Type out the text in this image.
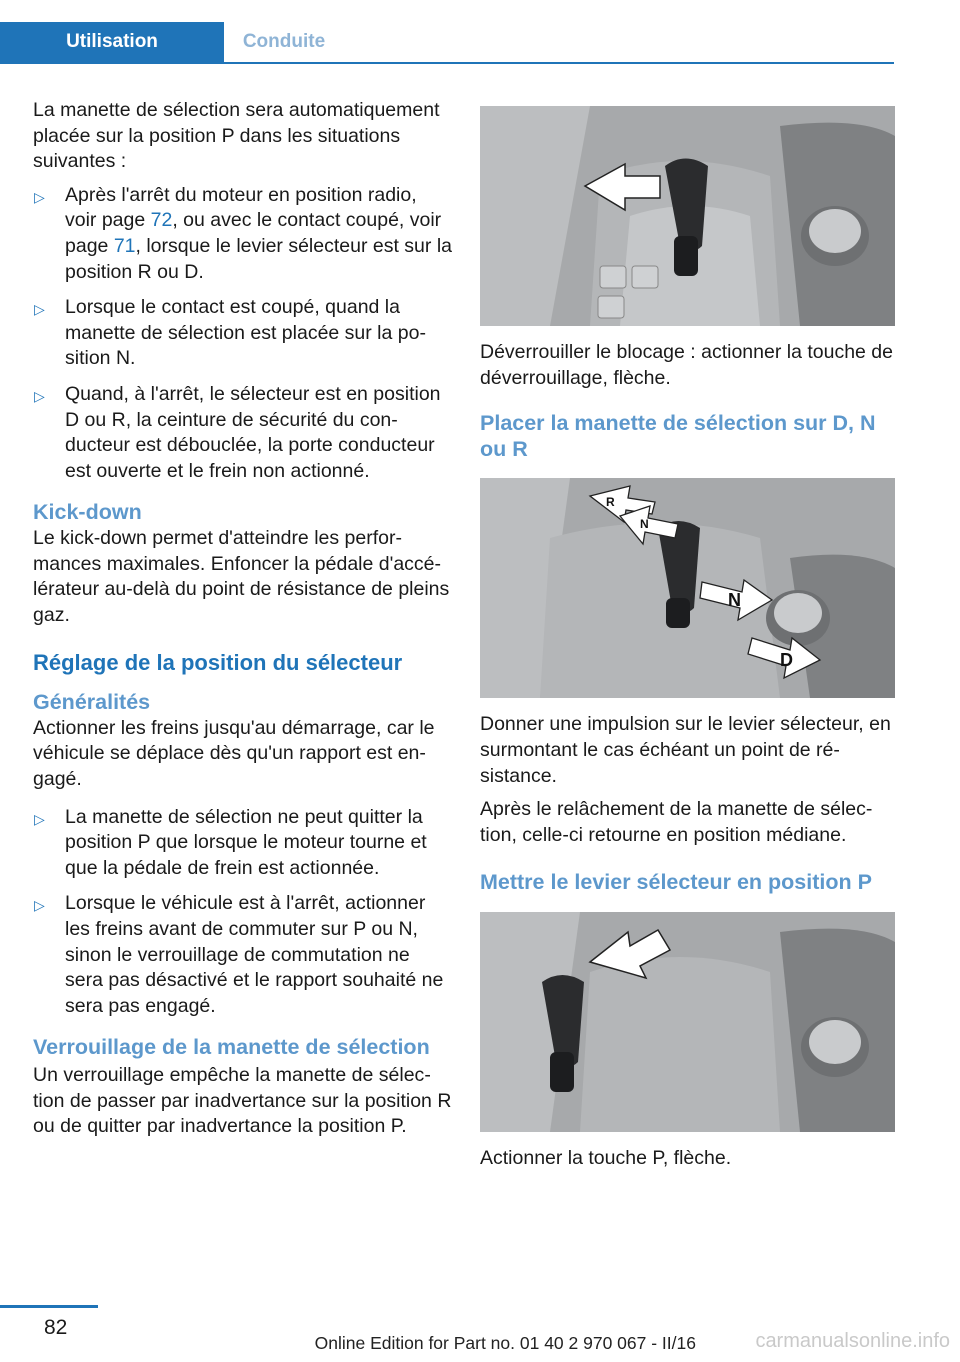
Utilisation	Conduite

La manette de sélection sera automatiquement placée sur la position P dans les situations suivantes :

▷ Après l'arrêt du moteur en position radio, voir page 72, ou avec le contact coupé, voir page 71, lorsque le levier sélecteur est sur la position R ou D.
▷ Lorsque le contact est coupé, quand la manette de sélection est placée sur la position N.
▷ Quand, à l'arrêt, le sélecteur est en position D ou R, la ceinture de sécurité du conducteur est débouclée, la porte conducteur est ouverte et le frein non actionné.
Kick-down

Le kick-down permet d'atteindre les performances maximales. Enfoncer la pédale d'accélérateur au-delà du point de résistance de pleins gaz.

Réglage de la position du sélecteur
Généralités

Actionner les freins jusqu'au démarrage, car le véhicule se déplace dès qu'un rapport est engagé.

▷ La manette de sélection ne peut quitter la position P que lorsque le moteur tourne et que la pédale de frein est actionnée.
▷ Lorsque le véhicule est à l'arrêt, actionner les freins avant de commuter sur P ou N, sinon le verrouillage de commutation ne sera pas désactivé et le rapport souhaité ne sera pas engagé.
Verrouillage de la manette de sélection

Un verrouillage empêche la manette de sélection de passer par inadvertance sur la position R ou de quitter par inadvertance la position P.

Déverrouiller le blocage : actionner la touche de déverrouillage, flèche.

Placer la manette de sélection sur D, N ou R
R
N
N
D

Donner une impulsion sur le levier sélecteur, en surmontant le cas échéant un point de résistance.

Après le relâchement de la manette de sélection, celle-ci retourne en position médiane.

Mettre le levier sélecteur en position P

Actionner la touche P, flèche.

82
Online Edition for Part no. 01 40 2 970 067 - II/16	carmanualsonline.info
